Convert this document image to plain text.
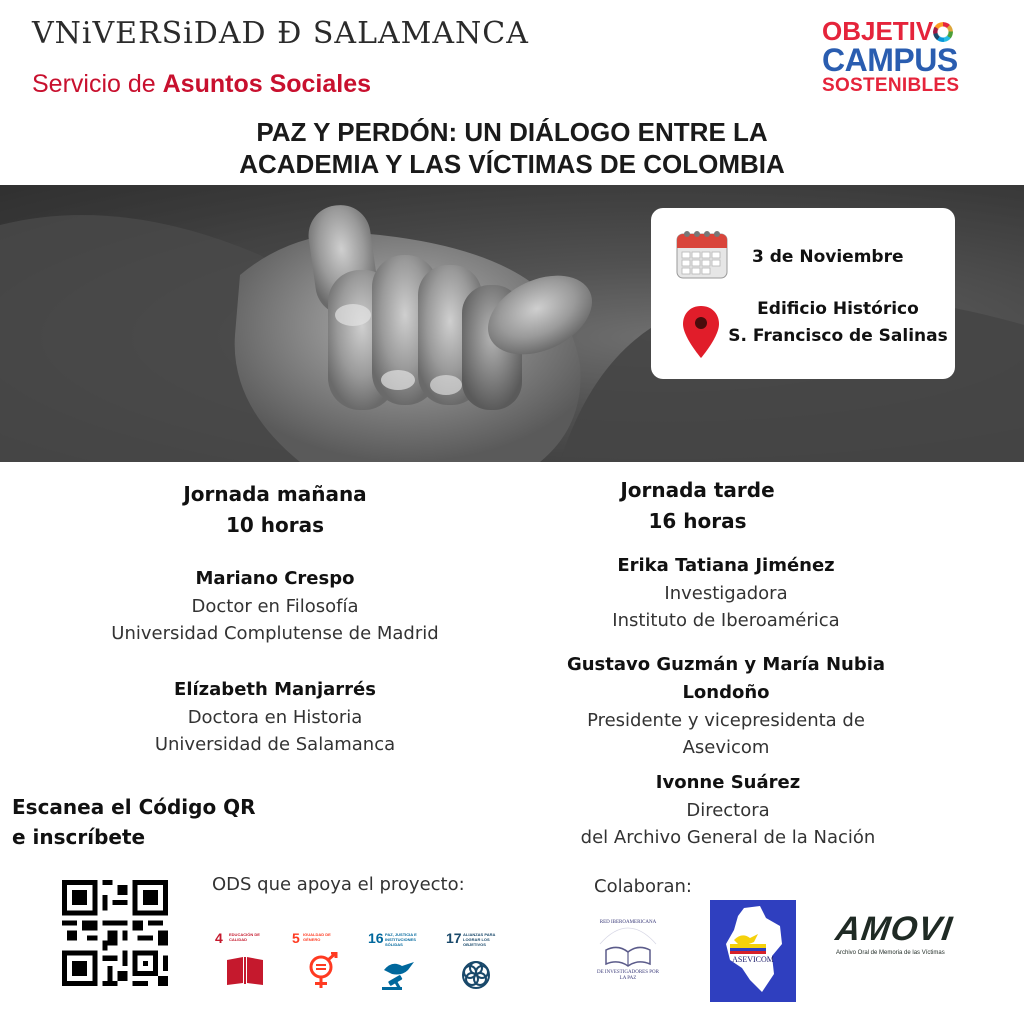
VNiVERSiDAD Ð SALAMANCA
Servicio de Asuntos Sociales
OBJETIV
CAMPUS
SOSTENIBLES
PAZ Y PERDÓN: UN DIÁLOGO ENTRE LA
ACADEMIA Y LAS VÍCTIMAS DE COLOMBIA
3 de Noviembre
Edificio Histórico
S. Francisco de Salinas
Jornada mañana
10 horas
Mariano Crespo
Doctor en Filosofía
Universidad Complutense de Madrid
Elízabeth Manjarrés
Doctora en Historia
Universidad de Salamanca
Jornada tarde
16 horas
Erika Tatiana Jiménez
Investigadora
Instituto de Iberoamérica
Gustavo Guzmán y María Nubia
Londoño
Presidente y vicepresidenta de
Asevicom
Ivonne Suárez
Directora
del Archivo General de la Nación
Escanea el Código QR
e inscríbete
ODS que apoya el proyecto:
4 EDUCACIÓN DE CALIDAD	5 IGUALDAD DE GÉNERO	16 PAZ, JUSTICIA E INSTITUCIONES SÓLIDAS	17 ALIANZAS PARA LOGRAR LOS OBJETIVOS
Colaboran:
RED IBEROAMERICANA
DE INVESTIGADORES POR LA PAZ
ASEVICOM
AMOVI
Archivo Oral de Memoria de las Víctimas
